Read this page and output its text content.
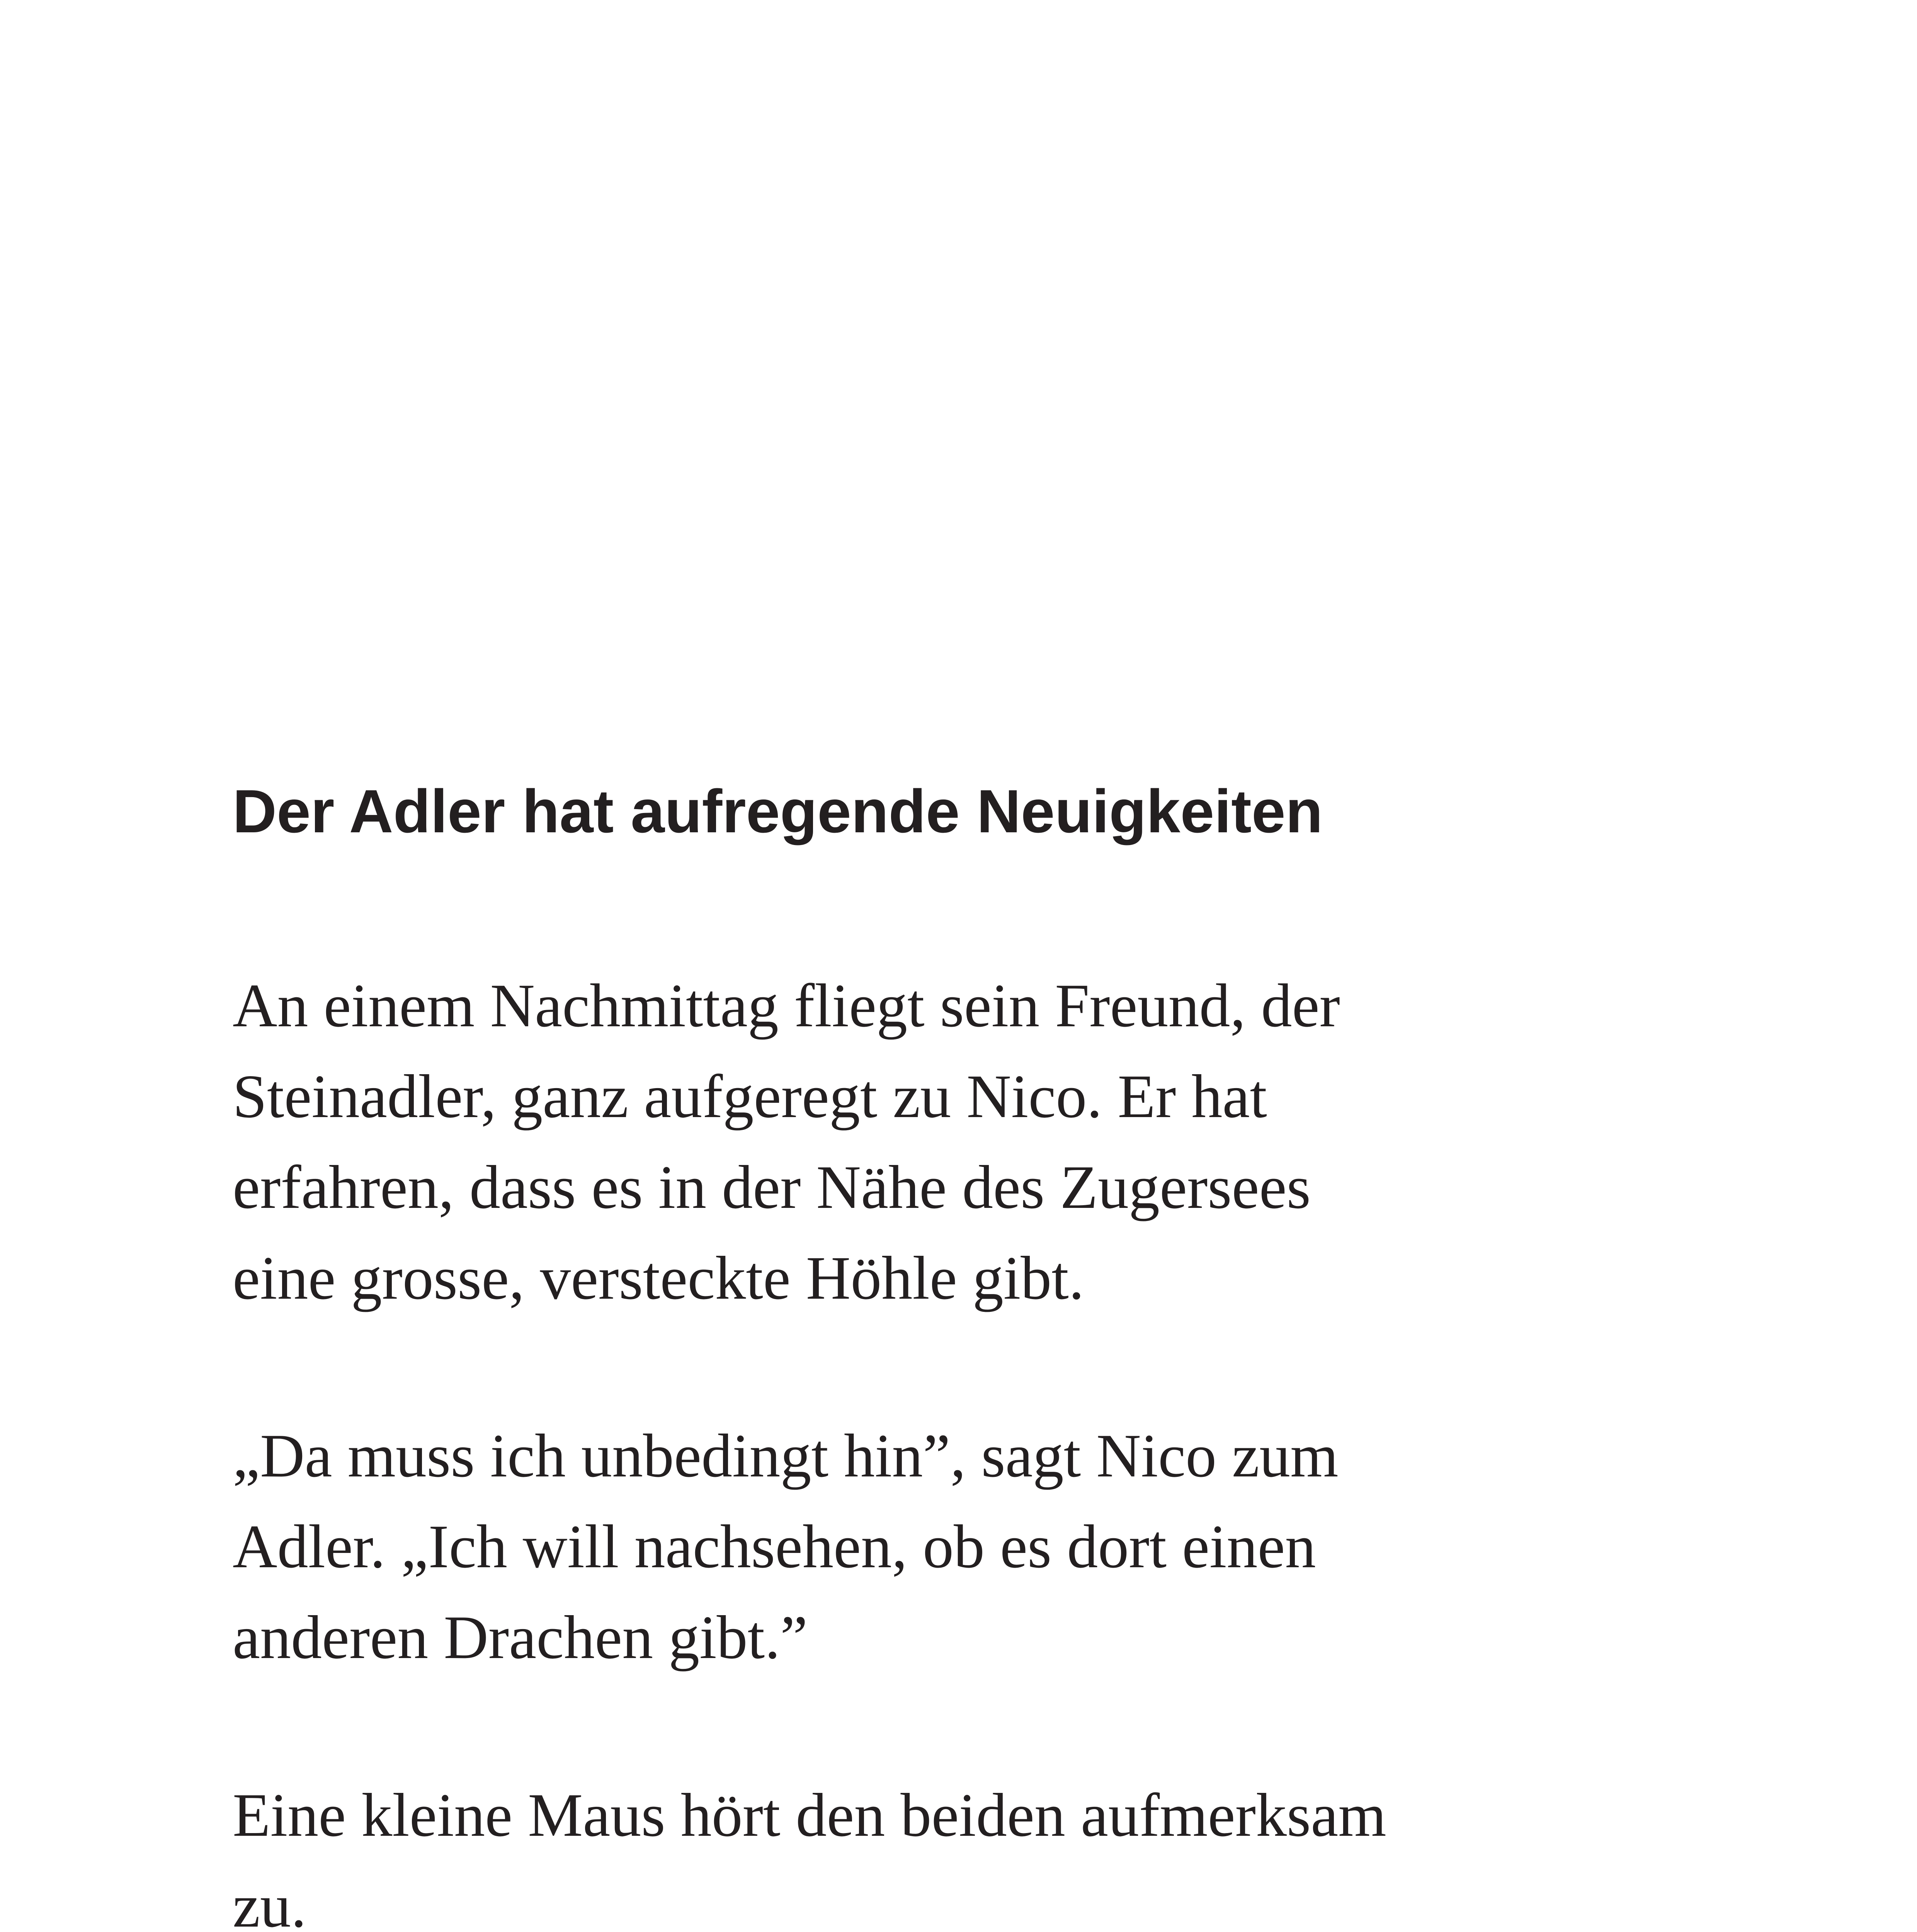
Der Adler hat aufregende Neuigkeiten

An einem Nachmittag fliegt sein Freund, der
Steinadler, ganz aufgeregt zu Nico. Er hat
erfahren, dass es in der Nähe des Zugersees
eine grosse, versteckte Höhle gibt.

„Da muss ich unbedingt hin”, sagt Nico zum
Adler. „Ich will nachsehen, ob es dort einen
anderen Drachen gibt.”

Eine kleine Maus hört den beiden aufmerksam
zu.
